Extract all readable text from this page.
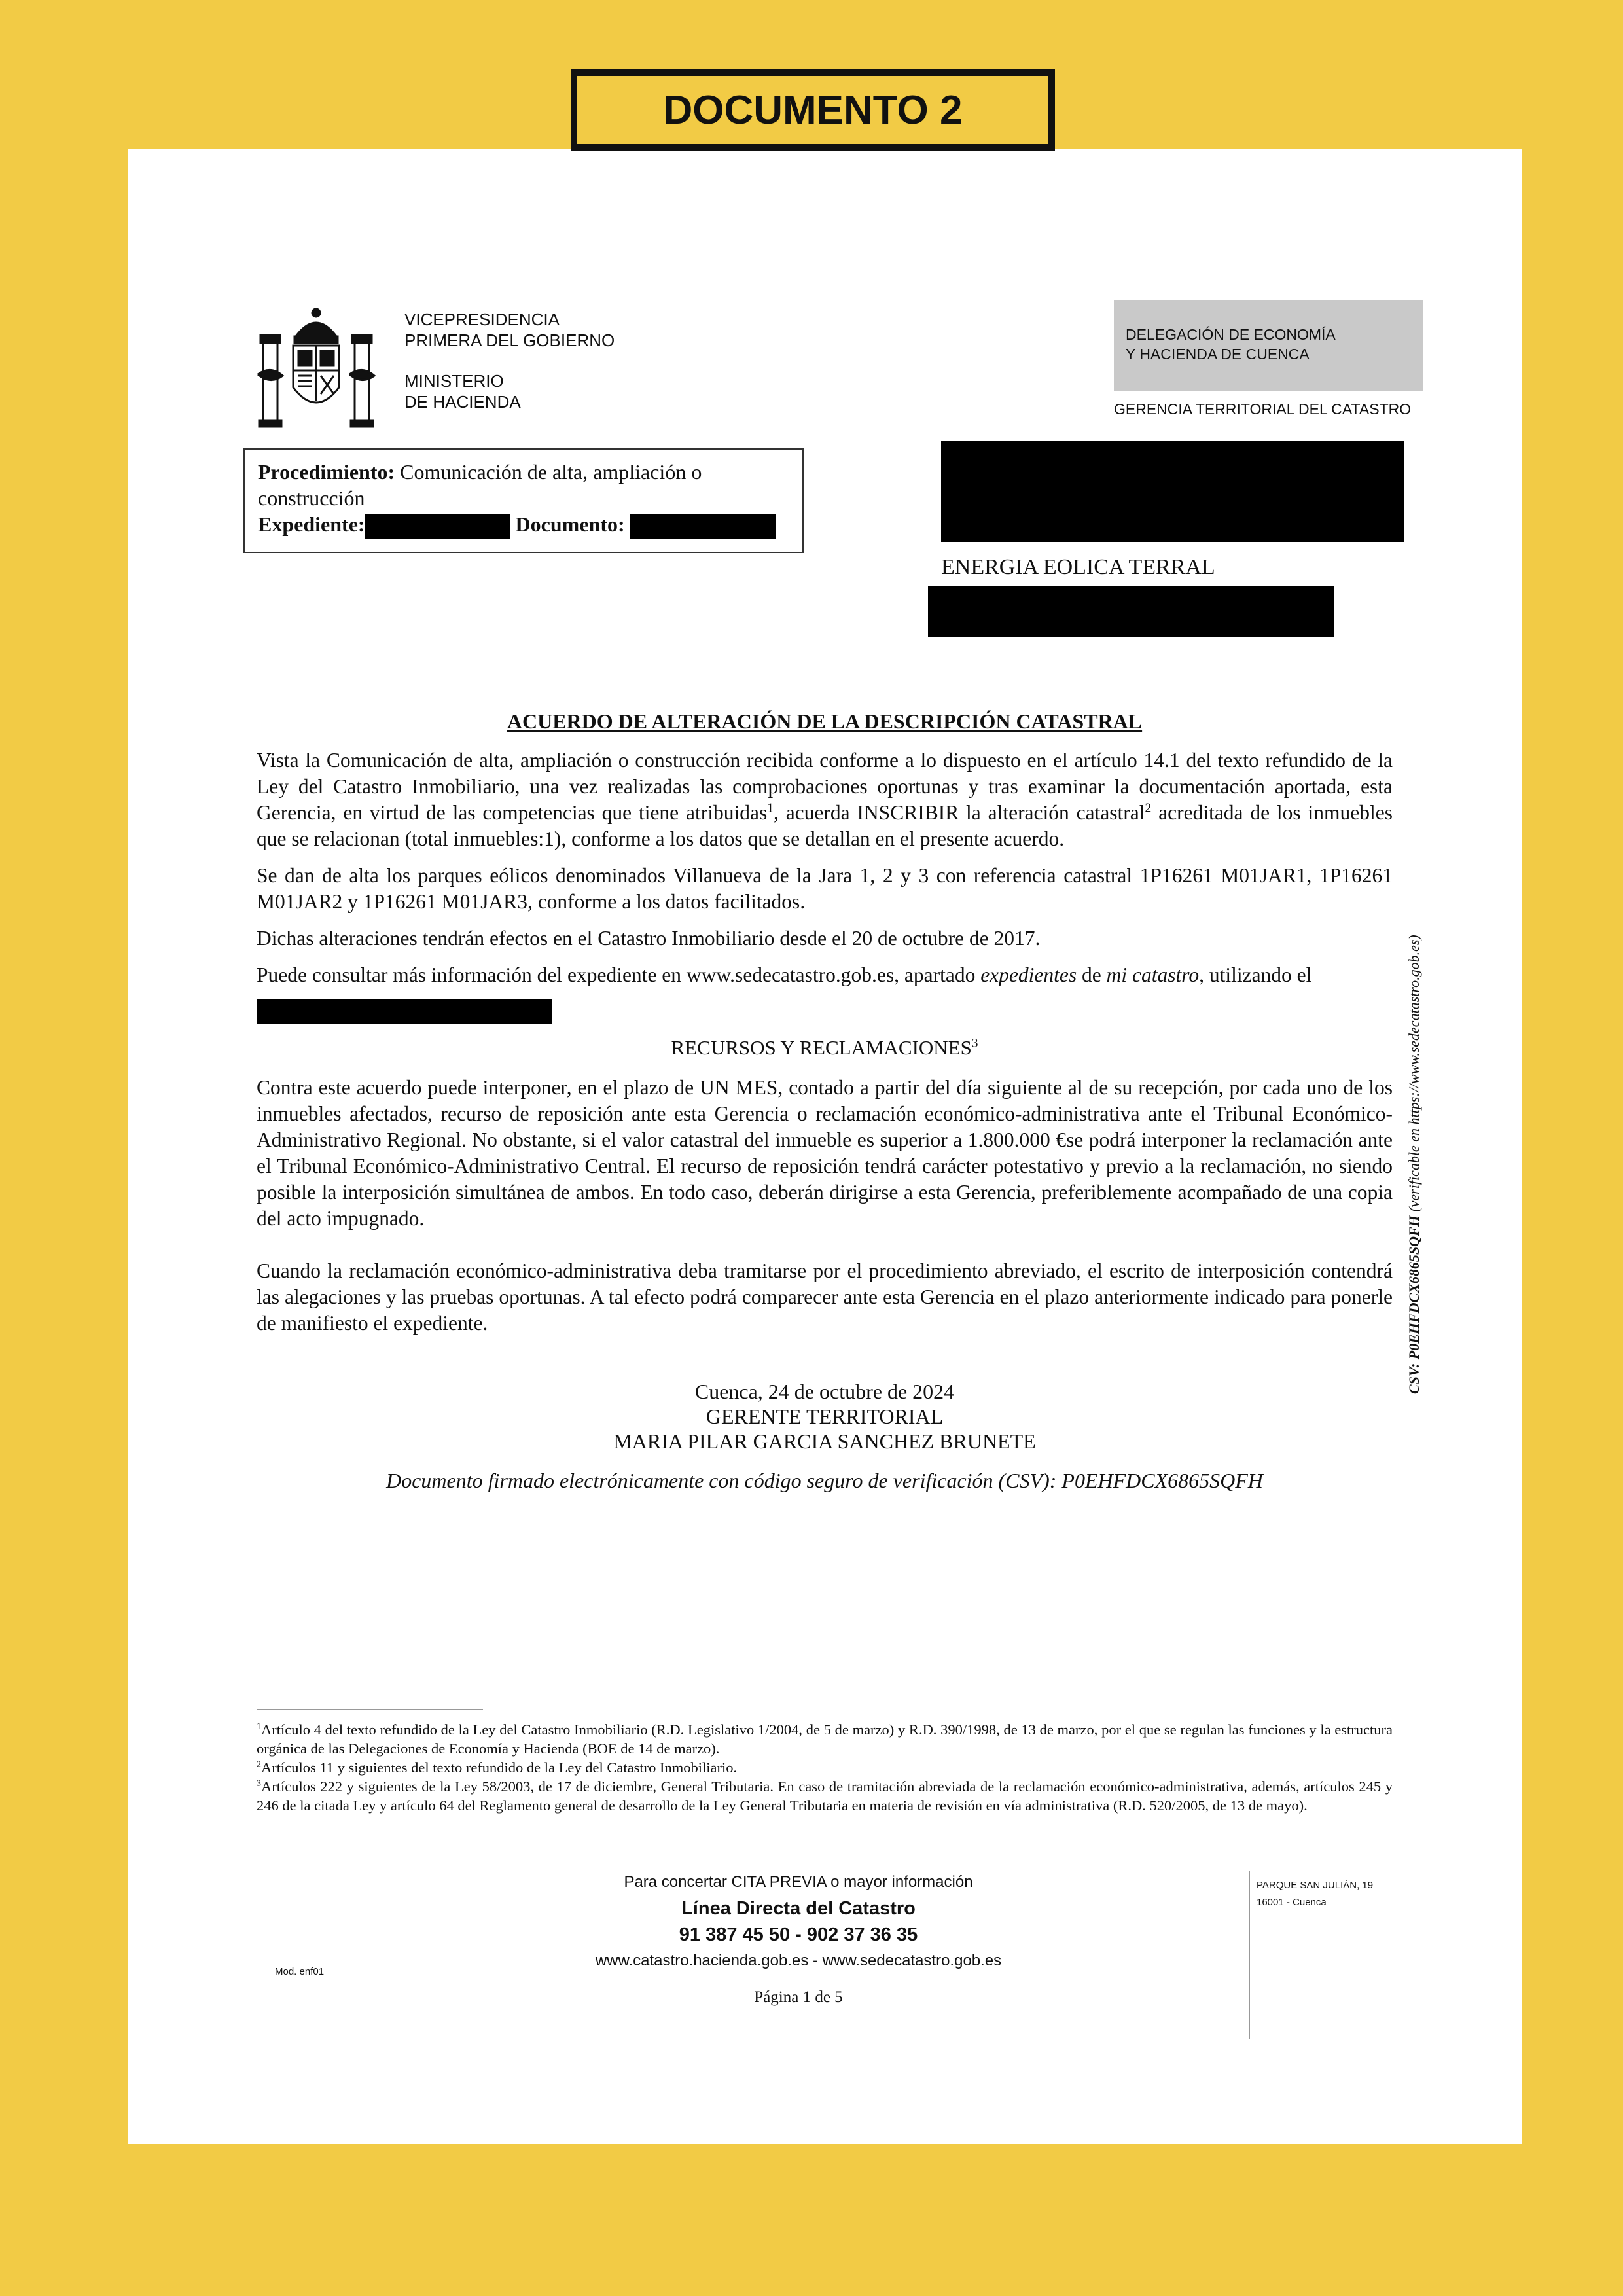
DOCUMENTO 2
VICEPRESIDENCIA
PRIMERA DEL GOBIERNO
MINISTERIO
DE HACIENDA
DELEGACIÓN DE ECONOMÍA
Y HACIENDA DE CUENCA
GERENCIA TERRITORIAL DEL CATASTRO
Procedimiento: Comunicación de alta, ampliación o construcción
Expediente:	Documento:
ENERGIA EOLICA TERRAL
ACUERDO DE ALTERACIÓN DE LA DESCRIPCIÓN CATASTRAL

Vista la Comunicación de alta, ampliación o construcción recibida conforme a lo dispuesto en el artículo 14.1 del texto refundido de la Ley del Catastro Inmobiliario, una vez realizadas las comprobaciones oportunas y tras examinar la documentación aportada, esta Gerencia, en virtud de las competencias que tiene atribuidas$^1$, acuerda INSCRIBIR la alteración catastral$^2$ acreditada de los inmuebles que se relacionan (total inmuebles:1), conforme a los datos que se detallan en el presente acuerdo.

Se dan de alta los parques eólicos denominados Villanueva de la Jara 1, 2 y 3 con referencia catastral 1P16261 M01JAR1, 1P16261 M01JAR2 y 1P16261 M01JAR3, conforme a los datos facilitados.

Dichas alteraciones tendrán efectos en el Catastro Inmobiliario desde el 20 de octubre de 2017.

Puede consultar más información del expediente en www.sedecatastro.gob.es, apartado expedientes de mi catastro, utilizando el

RECURSOS Y RECLAMACIONES$^3$

Contra este acuerdo puede interponer, en el plazo de UN MES, contado a partir del día siguiente al de su recepción, por cada uno de los inmuebles afectados, recurso de reposición ante esta Gerencia o reclamación económico-administrativa ante el Tribunal Económico-Administrativo Regional. No obstante, si el valor catastral del inmueble es superior a 1.800.000 €se podrá interponer la reclamación ante el Tribunal Económico-Administrativo Central. El recurso de reposición tendrá carácter potestativo y previo a la reclamación, no siendo posible la interposición simultánea de ambos. En todo caso, deberán dirigirse a esta Gerencia, preferiblemente acompañado de una copia del acto impugnado.

Cuando la reclamación económico-administrativa deba tramitarse por el procedimiento abreviado, el escrito de interposición contendrá las alegaciones y las pruebas oportunas. A tal efecto podrá comparecer ante esta Gerencia en el plazo anteriormente indicado para ponerle de manifiesto el expediente.

Cuenca, 24 de octubre de 2024
GERENTE TERRITORIAL
MARIA PILAR GARCIA SANCHEZ BRUNETE
Documento firmado electrónicamente con código seguro de verificación (CSV): P0EHFDCX6865SQFH
CSV: P0EHFDCX6865SQFH (verificable en https://www.sedecatastro.gob.es)

$^1$Artículo 4 del texto refundido de la Ley del Catastro Inmobiliario (R.D. Legislativo 1/2004, de 5 de marzo) y R.D. 390/1998, de 13 de marzo, por el que se regulan las funciones y la estructura orgánica de las Delegaciones de Economía y Hacienda (BOE de 14 de marzo).

$^2$Artículos 11 y siguientes del texto refundido de la Ley del Catastro Inmobiliario.

$^3$Artículos 222 y siguientes de la Ley 58/2003, de 17 de diciembre, General Tributaria. En caso de tramitación abreviada de la reclamación económico-administrativa, además, artículos 245 y 246 de la citada Ley y artículo 64 del Reglamento general de desarrollo de la Ley General Tributaria en materia de revisión en vía administrativa (R.D. 520/2005, de 13 de mayo).

Para concertar CITA PREVIA o mayor información
Línea Directa del Catastro
91 387 45 50 - 902 37 36 35
www.catastro.hacienda.gob.es - www.sedecatastro.gob.es
Página 1 de 5
Mod. enf01
PARQUE SAN JULIÁN, 19
16001 - Cuenca
